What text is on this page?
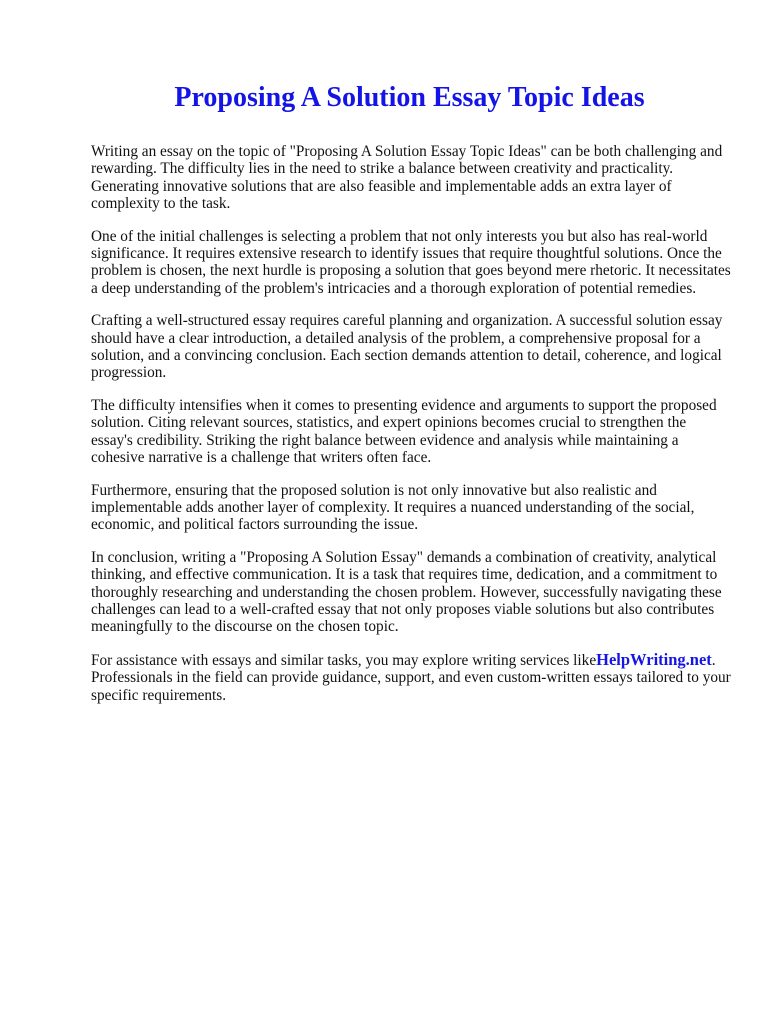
Proposing A Solution Essay Topic Ideas

Writing an essay on the topic of "Proposing A Solution Essay Topic Ideas" can be both challenging and rewarding. The difficulty lies in the need to strike a balance between creativity and practicality. Generating innovative solutions that are also feasible and implementable adds an extra layer of complexity to the task.

One of the initial challenges is selecting a problem that not only interests you but also has real-world significance. It requires extensive research to identify issues that require thoughtful solutions. Once the problem is chosen, the next hurdle is proposing a solution that goes beyond mere rhetoric. It necessitates a deep understanding of the problem's intricacies and a thorough exploration of potential remedies.

Crafting a well-structured essay requires careful planning and organization. A successful solution essay should have a clear introduction, a detailed analysis of the problem, a comprehensive proposal for a solution, and a convincing conclusion. Each section demands attention to detail, coherence, and logical progression.

The difficulty intensifies when it comes to presenting evidence and arguments to support the proposed solution. Citing relevant sources, statistics, and expert opinions becomes crucial to strengthen the essay's credibility. Striking the right balance between evidence and analysis while maintaining a cohesive narrative is a challenge that writers often face.

Furthermore, ensuring that the proposed solution is not only innovative but also realistic and implementable adds another layer of complexity. It requires a nuanced understanding of the social, economic, and political factors surrounding the issue.

In conclusion, writing a "Proposing A Solution Essay" demands a combination of creativity, analytical thinking, and effective communication. It is a task that requires time, dedication, and a commitment to thoroughly researching and understanding the chosen problem. However, successfully navigating these challenges can lead to a well-crafted essay that not only proposes viable solutions but also contributes meaningfully to the discourse on the chosen topic.

For assistance with essays and similar tasks, you may explore writing services likeHelpWriting.net. Professionals in the field can provide guidance, support, and even custom-written essays tailored to your specific requirements.
